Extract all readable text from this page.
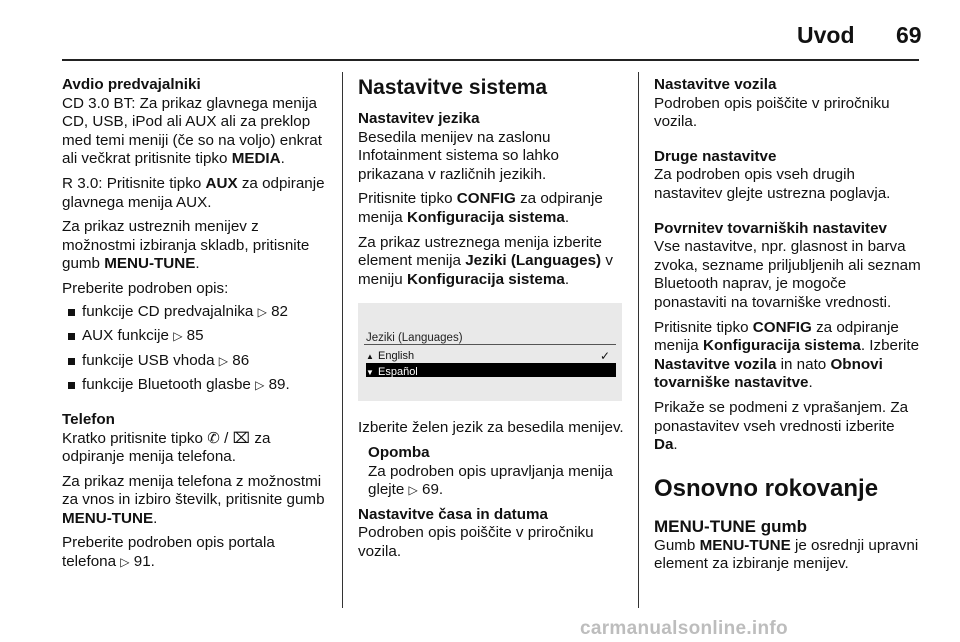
Uvod 69
Avdio predvajalniki

CD 3.0 BT: Za prikaz glavnega menija CD, USB, iPod ali AUX ali za preklop med temi meniji (če so na voljo) enkrat ali večkrat pritisnite tipko MEDIA.

R 3.0: Pritisnite tipko AUX za odpiranje glavnega menija AUX.

Za prikaz ustreznih menijev z možnostmi izbiranja skladb, pritisnite gumb MENU-TUNE.

Preberite podroben opis:

funkcije CD predvajalnika ▷ 82
AUX funkcije ▷ 85
funkcije USB vhoda ▷ 86
funkcije Bluetooth glasbe ▷ 89.
Telefon

Kratko pritisnite tipko ✆ / ⌧ za odpiranje menija telefona.

Za prikaz menija telefona z možnostmi za vnos in izbiro številk, pritisnite gumb MENU-TUNE.

Preberite podroben opis portala telefona ▷ 91.

Nastavitve sistema
Nastavitev jezika

Besedila menijev na zaslonu Infotainment sistema so lahko prikazana v različnih jezikih.

Pritisnite tipko CONFIG za odpiranje menija Konfiguracija sistema.

Za prikaz ustreznega menija izberite element menija Jeziki (Languages) v meniju Konfiguracija sistema.

Jeziki (Languages)
▲ English	✓
▼ Español

Izberite želen jezik za besedila menijev.

Opomba

Za podroben opis upravljanja menija glejte ▷ 69.

Nastavitve časa in datuma

Podroben opis poiščite v priročniku vozila.

Nastavitve vozila

Podroben opis poiščite v priročniku vozila.

Druge nastavitve

Za podroben opis vseh drugih nastavitev glejte ustrezna poglavja.

Povrnitev tovarniških nastavitev

Vse nastavitve, npr. glasnost in barva zvoka, sezname priljubljenih ali seznam Bluetooth naprav, je mogoče ponastaviti na tovarniške vrednosti.

Pritisnite tipko CONFIG za odpiranje menija Konfiguracija sistema. Izberite Nastavitve vozila in nato Obnovi tovarniške nastavitve.

Prikaže se podmeni z vprašanjem. Za ponastavitev vseh vrednosti izberite Da.

Osnovno rokovanje
MENU-TUNE gumb

Gumb MENU-TUNE je osrednji upravni element za izbiranje menijev.

carmanualsonline.info
